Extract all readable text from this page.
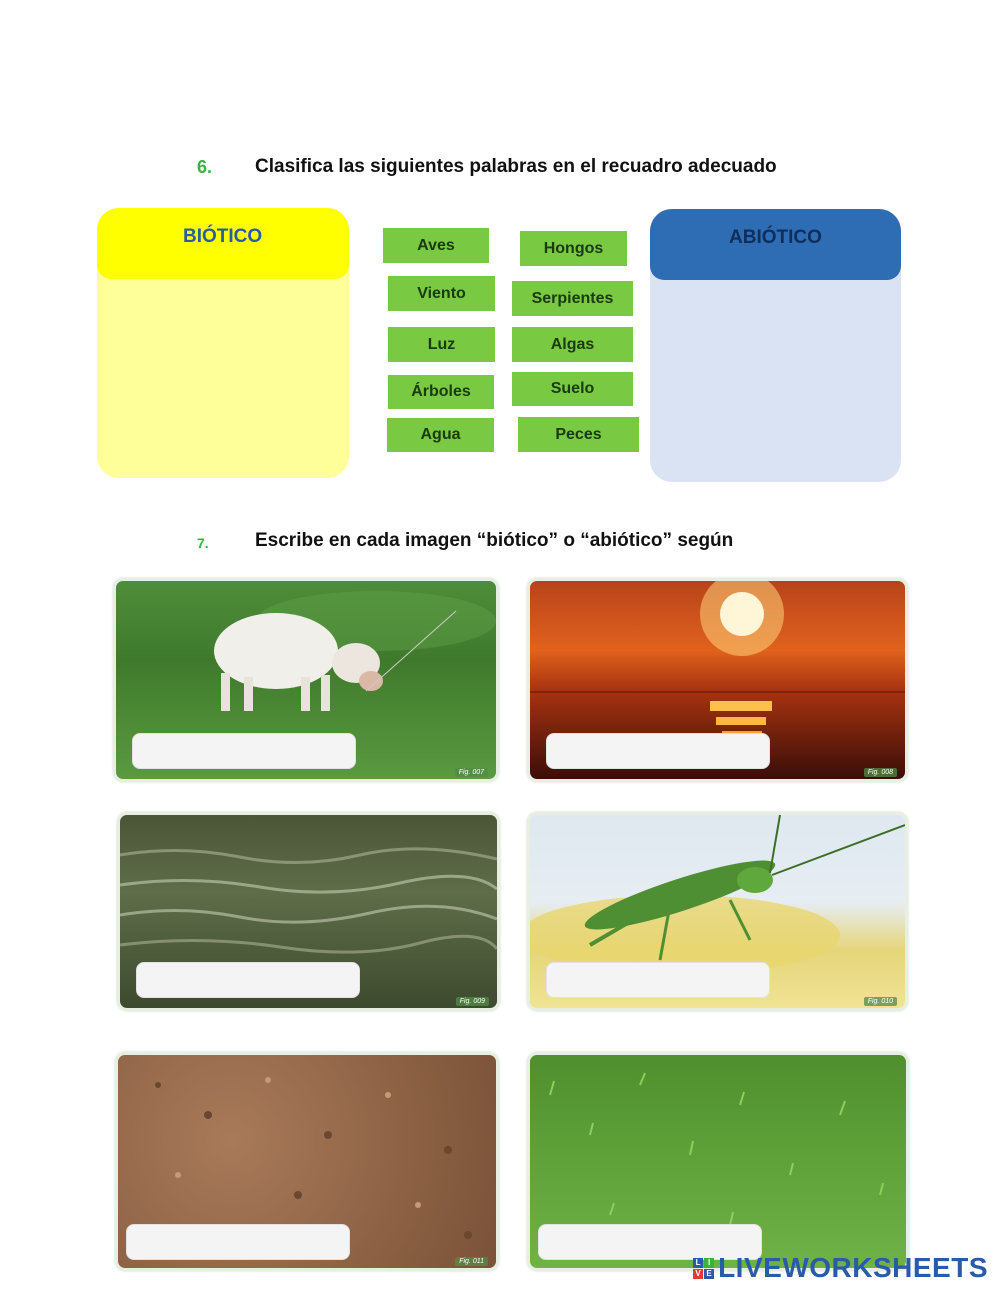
6. Clasifica las siguientes palabras en el recuadro adecuado
BIÓTICO	ABIÓTICO
Aves	Hongos
Viento	Serpientes
Luz	Algas
Árboles	Suelo
Agua	Peces
7. Escribe en cada imagen “biótico” o “abiótico” según
Fig. 007	Fig. 008
Fig. 009	Fig. 010
Fig. 011	L I
V E LIVEWORKSHEETS
